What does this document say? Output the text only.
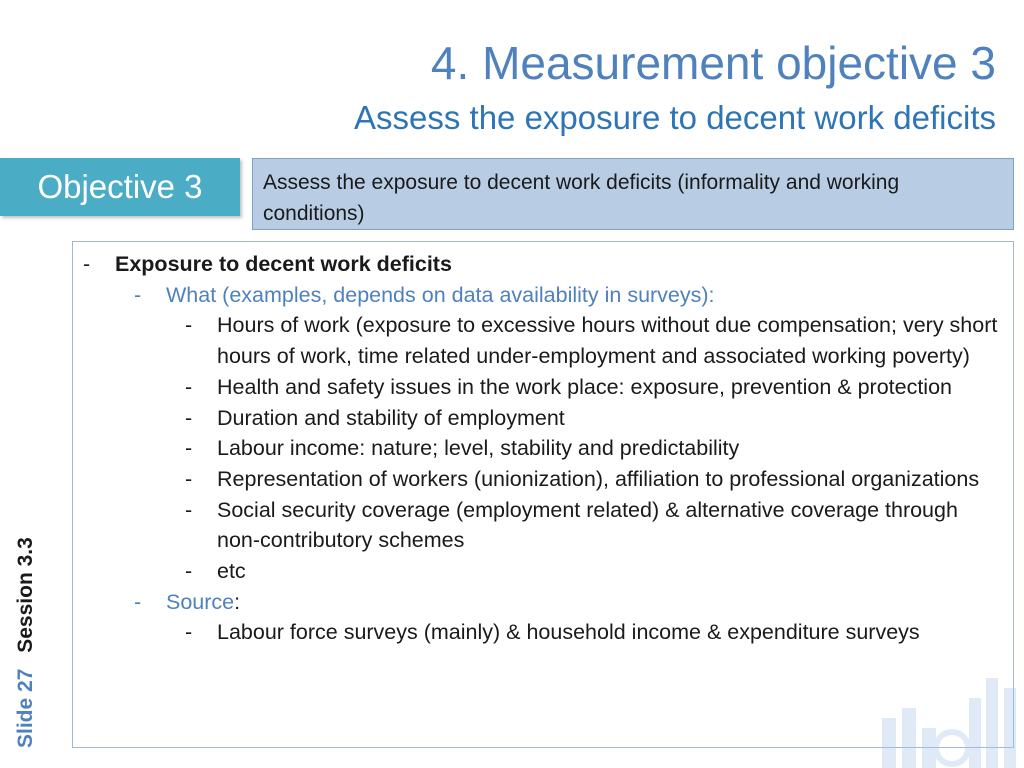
4. Measurement objective 3
Assess the exposure to decent work deficits
Objective 3	Assess the exposure to decent work deficits (informality and working conditions)
- Exposure to decent work deficits
- What (examples, depends on data availability in surveys):
- Hours of work (exposure to excessive hours without due compensation; very short hours of work, time related under-employment and associated working poverty)
- Health and safety issues in the work place: exposure, prevention & protection
- Duration and stability of employment
- Labour income: nature; level, stability and predictability
- Representation of workers (unionization), affiliation to professional organizations
- Social security coverage (employment related) & alternative coverage through non-contributory schemes
- etc
- Source:
- Labour force surveys (mainly) & household income & expenditure surveys
Slide 27 Session 3.3
